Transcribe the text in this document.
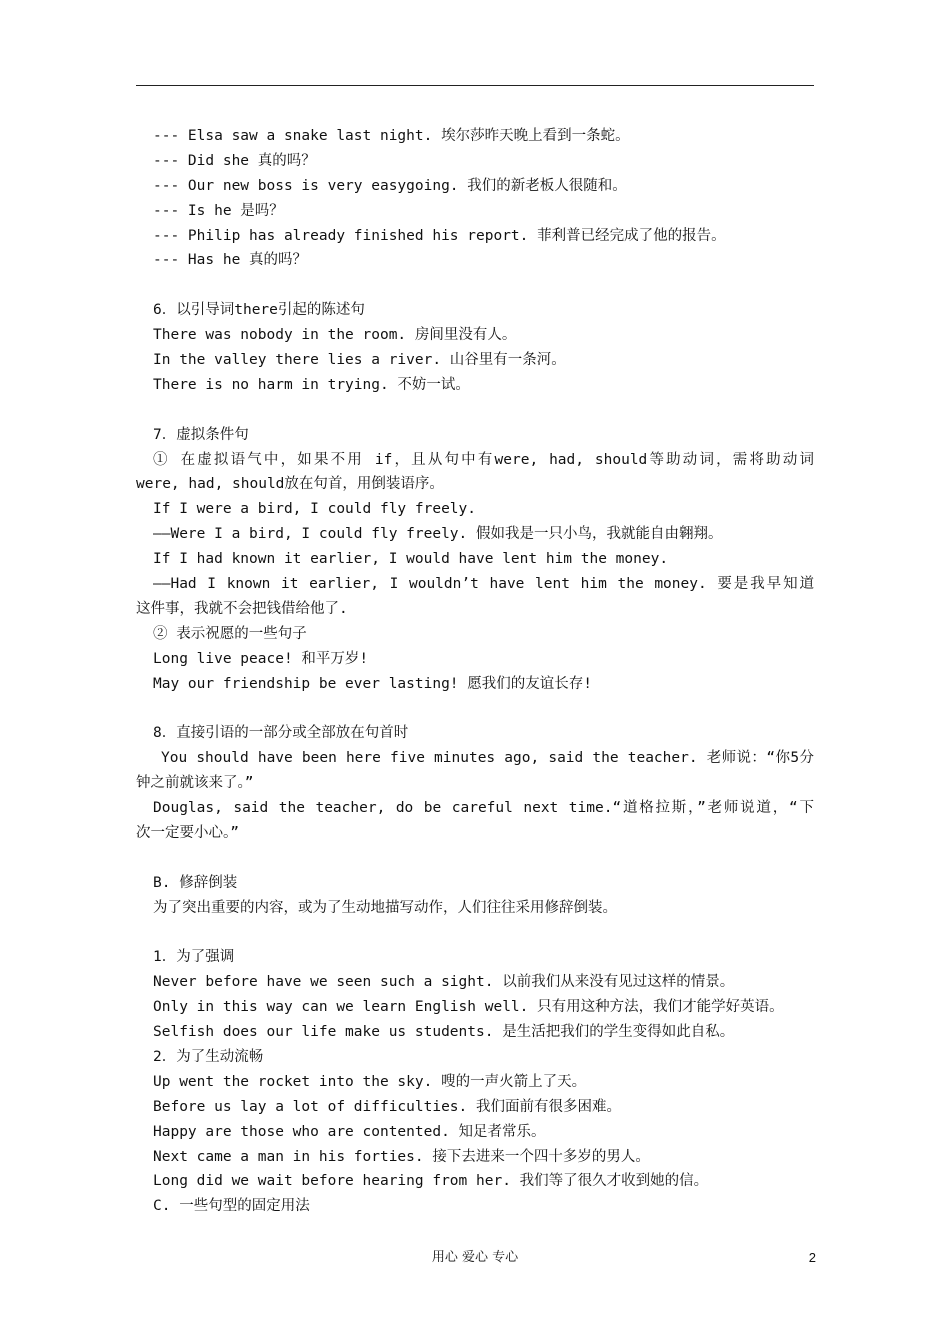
--- Elsa saw a snake last night. 埃尔莎昨天晚上看到一条蛇。
--- Did she 真的吗？
--- Our new boss is very easygoing. 我们的新老板人很随和。
--- Is he 是吗？
--- Philip has already finished his report. 菲利普已经完成了他的报告。
--- Has he 真的吗？
6．以引导词there引起的陈述句
There was nobody in the room. 房间里没有人。
In the valley there lies a river. 山谷里有一条河。
There is no harm in trying. 不妨一试。
7．虚拟条件句
① 在虚拟语气中，如果不用 if，且从句中有were, had, should等助动词，需将助动词
were, had, should放在句首，用倒装语序。
If I were a bird, I could fly freely.
——Were I a bird, I could fly freely. 假如我是一只小鸟，我就能自由翱翔。
If I had known it earlier, I would have lent him the money.
——Had I known it earlier, I wouldn’t have lent him the money. 要是我早知道
这件事，我就不会把钱借给他了.
② 表示祝愿的一些句子
Long live peace! 和平万岁!
May our friendship be ever lasting! 愿我们的友谊长存!
8．直接引语的一部分或全部放在句首时
You should have been here five minutes ago, said the teacher. 老师说：“你5分
钟之前就该来了。”
Douglas, said the teacher, do be careful next time.“道格拉斯，”老师说道，“下
次一定要小心。”
B. 修辞倒装
为了突出重要的内容，或为了生动地描写动作，人们往往采用修辞倒装。
1．为了强调
Never before have we seen such a sight. 以前我们从来没有见过这样的情景。
Only in this way can we learn English well. 只有用这种方法，我们才能学好英语。
Selfish does our life make us students. 是生活把我们的学生变得如此自私。
2．为了生动流畅
Up went the rocket into the sky. 嗖的一声火箭上了天。
Before us lay a lot of difficulties. 我们面前有很多困难。
Happy are those who are contented. 知足者常乐。
Next came a man in his forties. 接下去进来一个四十多岁的男人。
Long did we wait before hearing from her. 我们等了很久才收到她的信。
C. 一些句型的固定用法
用心 爱心 专心	2
